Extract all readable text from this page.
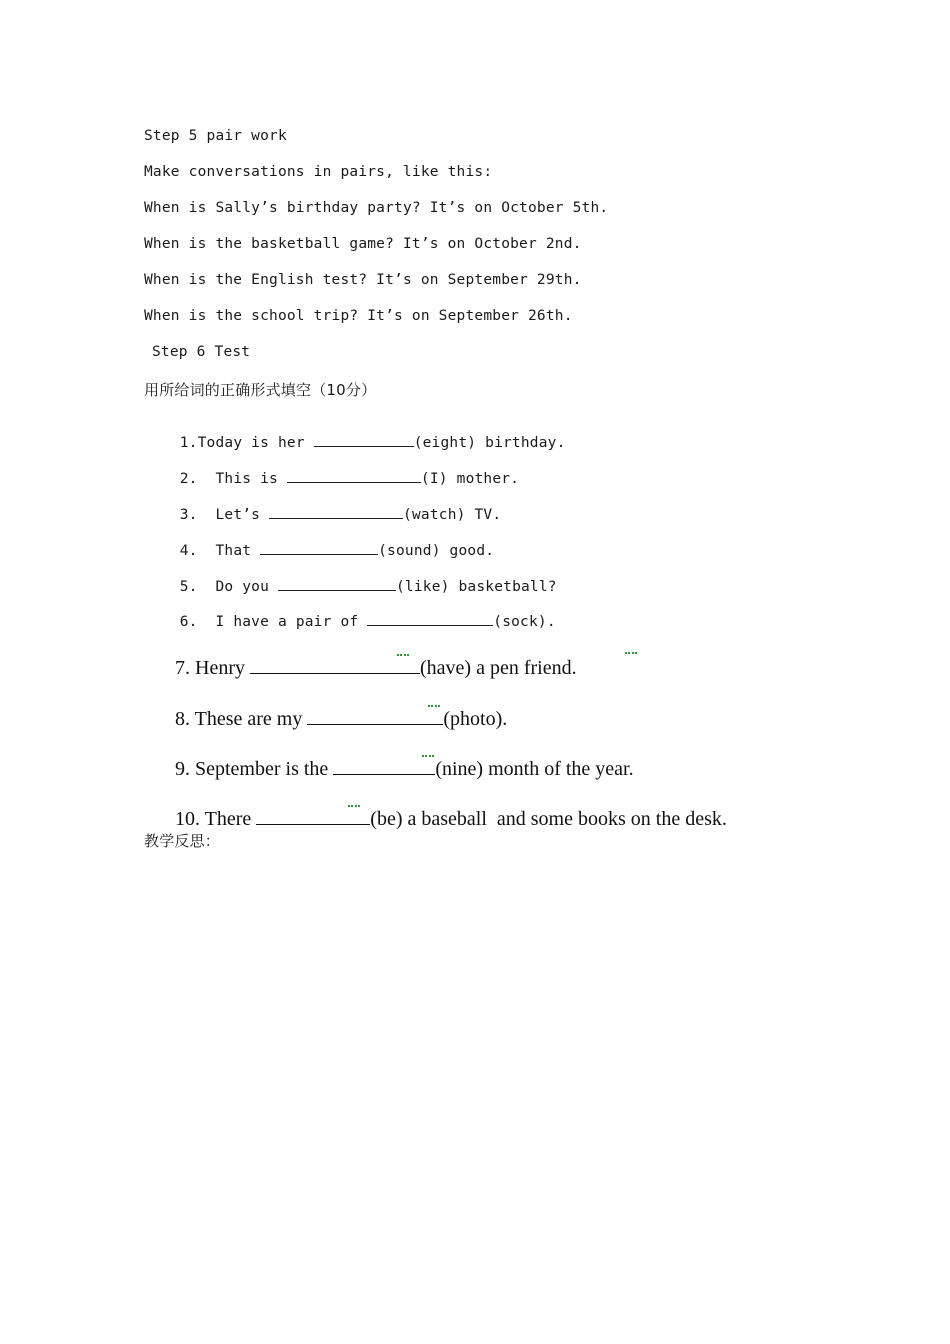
Step 5 pair work
Make conversations in pairs, like this:
When is Sally’s birthday party? It’s on October 5th.
When is the basketball game? It’s on October 2nd.
When is the English test? It’s on September 29th.
When is the school trip? It’s on September 26th.
Step 6 Test
用所给词的正确形式填空（10分）

1.Today is her	(eight) birthday.

2.  This is	(I) mother.

3.  Let’s	(watch) TV.

4.  That	(sound) good.

5.  Do you	(like) basketball?

6.  I have a pair of	(sock).

7. Henry	(have) a pen friend.

8. These are my	(photo).

9. September is the	(nine) month of the year.

10. There	(be) a baseball  and some books on the desk.

教学反思：
